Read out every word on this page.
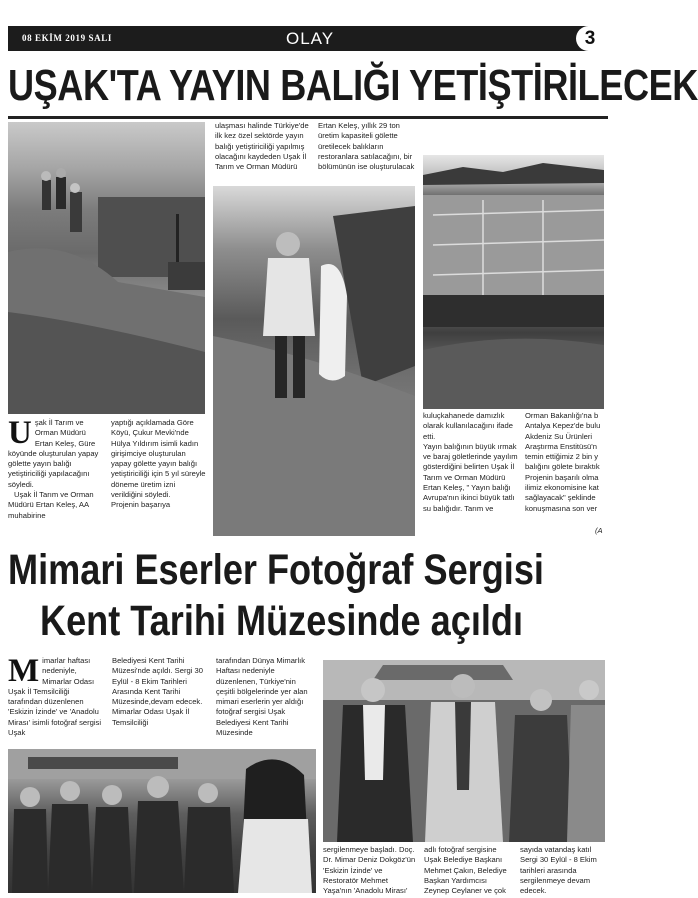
08 EKİM 2019 SALI	OLAY	3
UŞAK'TA YAYIN BALIĞI YETİŞTİRİLECEK
U şak İl Tarım ve Orman Müdürü Ertan Keleş, Güre köyünde oluşturulan yapay gölette yayın balığı yetiştiriciliği yapılacağını söyledi.
Uşak İl Tarım ve Orman Müdürü Ertan Keleş, AA muhabirine
yaptığı açıklamada Göre Köyü, Çukur Mevki'nde Hülya Yıldırım isimli kadın girişimciye oluşturulan yapay gölette yayın balığı yetiştiriciliği için 5 yıl süreyle döneme üretim izni verildiğini söyledi.
Projenin başarıya
ulaşması halinde Türkiye'de ilk kez özel sektörde yayın balığı yetiştiriciliği yapılmış olacağını kaydeden Uşak İl Tarım ve Orman Müdürü
Ertan Keleş, yıllık 29 ton üretim kapasiteli gölette üretilecek balıkların restoranlara satılacağını, bir bölümünün ise oluşturulacak
kuluçkahanede damızlık olarak kullanılacağını ifade etti.
Yayın balığının büyük ırmak ve baraj göletlerinde yayılım gösterdiğini belirten Uşak İl Tarım ve Orman Müdürü Ertan Keleş, " Yayın balığı Avrupa'nın ikinci büyük tatlı su balığıdır. Tarım ve
Orman Bakanlığı'na b Antalya Kepez'de bulu Akdeniz Su Ürünleri Araştırma Enstitüsü'n temin ettiğimiz 2 bin y balığını gölete bıraktık Projenin başarılı olma ilimiz ekonomisine kat sağlayacak" şeklinde konuşmasına son ver
(A
Mimari Eserler Fotoğraf Sergisi
Kent Tarihi Müzesinde açıldı
M imarlar haftası nedeniyle, Mimarlar Odası Uşak İl Temsilciliği tarafından düzenlenen 'Eskizin İzinde' ve 'Anadolu Mirası' isimli fotoğraf sergisi Uşak
Belediyesi Kent Tarihi Müzesi'nde açıldı. Sergi 30 Eylül - 8 Ekim Tarihleri Arasında Kent Tarihi Müzesinde,devam edecek.
Mimarlar Odası Uşak İl Temsilciliği
tarafından Dünya Mimarlık Haftası nedeniyle düzenlenen, Türkiye'nin çeşitli bölgelerinde yer alan mimari eserlerin yer aldığı fotoğraf sergisi Uşak Belediyesi Kent Tarihi Müzesinde
sergilenmeye başladı. Doç. Dr. Mimar Deniz Dokgöz'ün 'Eskizin İzinde' ve Restoratör Mehmet Yaşa'nın 'Anadolu Mirası'
adlı fotoğraf sergisine Uşak Belediye Başkanı Mehmet Çakın, Belediye Başkan Yardımcısı Zeynep Ceylaner ve çok
sayıda vatandaş katıl Sergi 30 Eylül - 8 Ekim tarihleri arasında sergilenmeye devam edecek.
